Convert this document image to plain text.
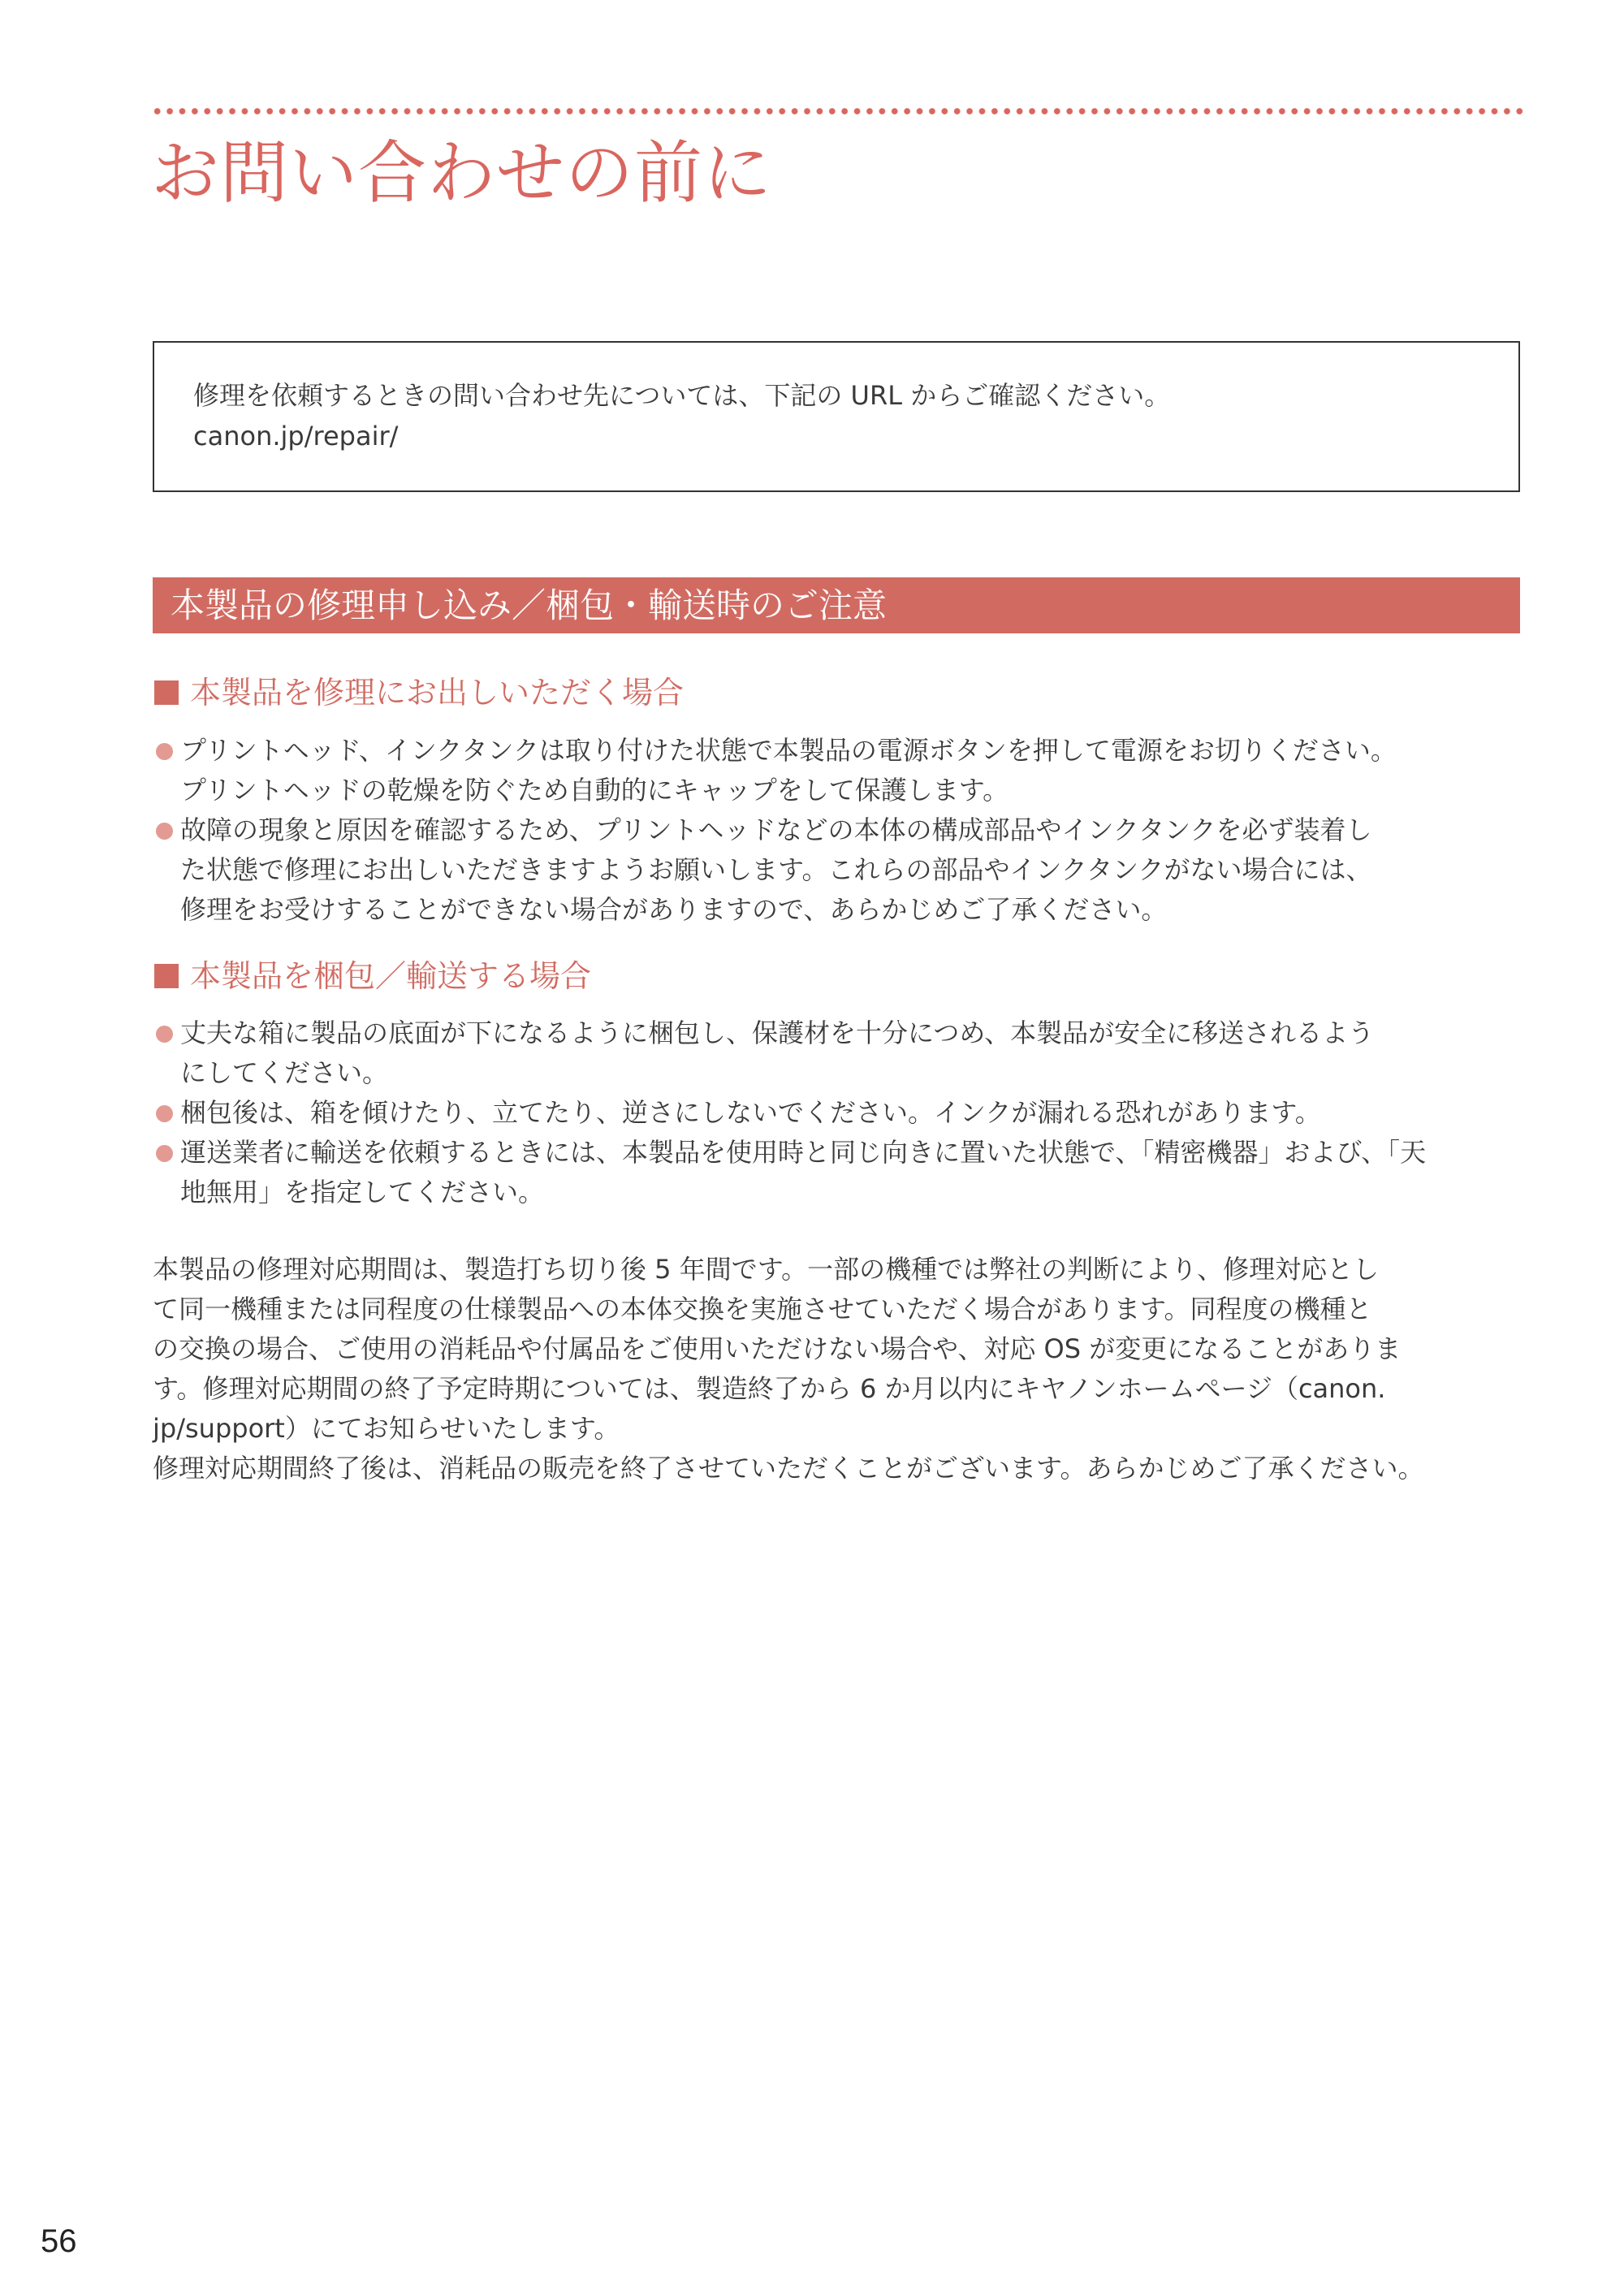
お問い合わせの前に

修理を依頼するときの問い合わせ先については、下記の URL からご確認ください。

canon.jp/repair/

本製品の修理申し込み／梱包・輸送時のご注意
本製品を修理にお出しいただく場合
プリントヘッド、インクタンクは取り付けた状態で本製品の電源ボタンを押して電源をお切りください。
プリントヘッドの乾燥を防ぐため自動的にキャップをして保護します。
故障の現象と原因を確認するため、プリントヘッドなどの本体の構成部品やインクタンクを必ず装着し
た状態で修理にお出しいただきますようお願いします。これらの部品やインクタンクがない場合には、
修理をお受けすることができない場合がありますので、あらかじめご了承ください。
本製品を梱包／輸送する場合
丈夫な箱に製品の底面が下になるように梱包し、保護材を十分につめ、本製品が安全に移送されるよう
にしてください。
梱包後は、箱を傾けたり、立てたり、逆さにしないでください。インクが漏れる恐れがあります。
運送業者に輸送を依頼するときには、本製品を使用時と同じ向きに置いた状態で、「精密機器」および、「天
地無用」を指定してください。

本製品の修理対応期間は、製造打ち切り後 5 年間です。一部の機種では弊社の判断により、修理対応とし
て同一機種または同程度の仕様製品への本体交換を実施させていただく場合があります。同程度の機種と
の交換の場合、ご使用の消耗品や付属品をご使用いただけない場合や、対応 OS が変更になることがありま
す。修理対応期間の終了予定時期については、製造終了から 6 か月以内にキヤノンホームページ（canon.
jp/support）にてお知らせいたします。
修理対応期間終了後は、消耗品の販売を終了させていただくことがございます。あらかじめご了承ください。

56
